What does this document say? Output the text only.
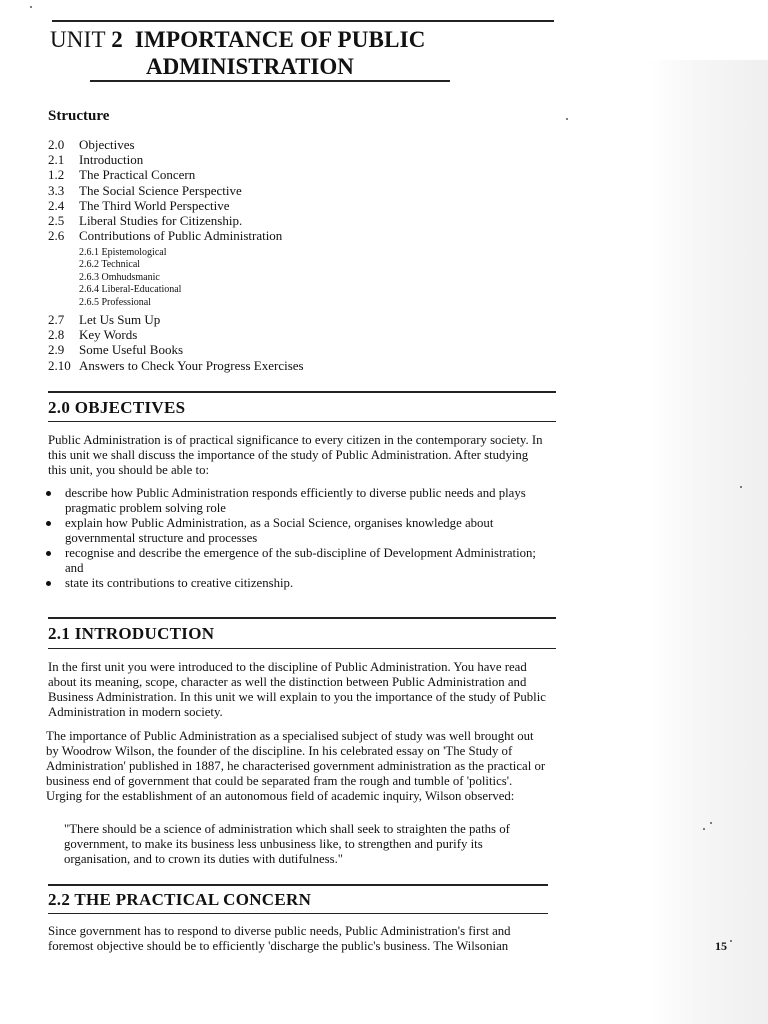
UNIT 2 IMPORTANCE OF PUBLIC
ADMINISTRATION
Structure
2.0	Objectives
2.1	Introduction
1.2	The Practical Concern
3.3	The Social Science Perspective
2.4	The Third World Perspective
2.5	Liberal Studies for Citizenship.
2.6	Contributions of Public Administration
2.6.1 Epistemological
2.6.2 Technical
2.6.3 Omhudsmanic
2.6.4 Liberal-Educational
2.6.5 Professional
2.7	Let Us Sum Up
2.8	Key Words
2.9	Some Useful Books
2.10 Answers to Check Your Progress Exercises
2.0 OBJECTIVES
Public Administration is of practical significance to every citizen in the contemporary society. In this unit we shall discuss the importance of the study of Public Administration. After studying this unit, you should be able to:
describe how Public Administration responds efficiently to diverse public needs and plays pragmatic problem solving role
explain how Public Administration, as a Social Science, organises knowledge about governmental structure and processes
recognise and describe the emergence of the sub-discipline of Development Administration; and
state its contributions to creative citizenship.
2.1 INTRODUCTION
In the first unit you were introduced to the discipline of Public Administration. You have read about its meaning, scope, character as well the distinction between Public Administration and Business Administration. In this unit we will explain to you the importance of the study of Public Administration in modern society.
The importance of Public Administration as a specialised subject of study was well brought out by Woodrow Wilson, the founder of the discipline. In his celebrated essay on 'The Study of Administration' published in 1887, he characterised government administration as the practical or business end of government that could be separated fram the rough and tumble of 'politics'. Urging for the establishment of an autonomous field of academic inquiry, Wilson observed:
"There should be a science of administration which shall seek to straighten the paths of government, to make its business less unbusiness like, to strengthen and purify its organisation, and to crown its duties with dutifulness."
2.2 THE PRACTICAL CONCERN
Since government has to respond to diverse public needs, Public Administration's first and foremost objective should be to efficiently 'discharge the public's business. The Wilsonian	15
